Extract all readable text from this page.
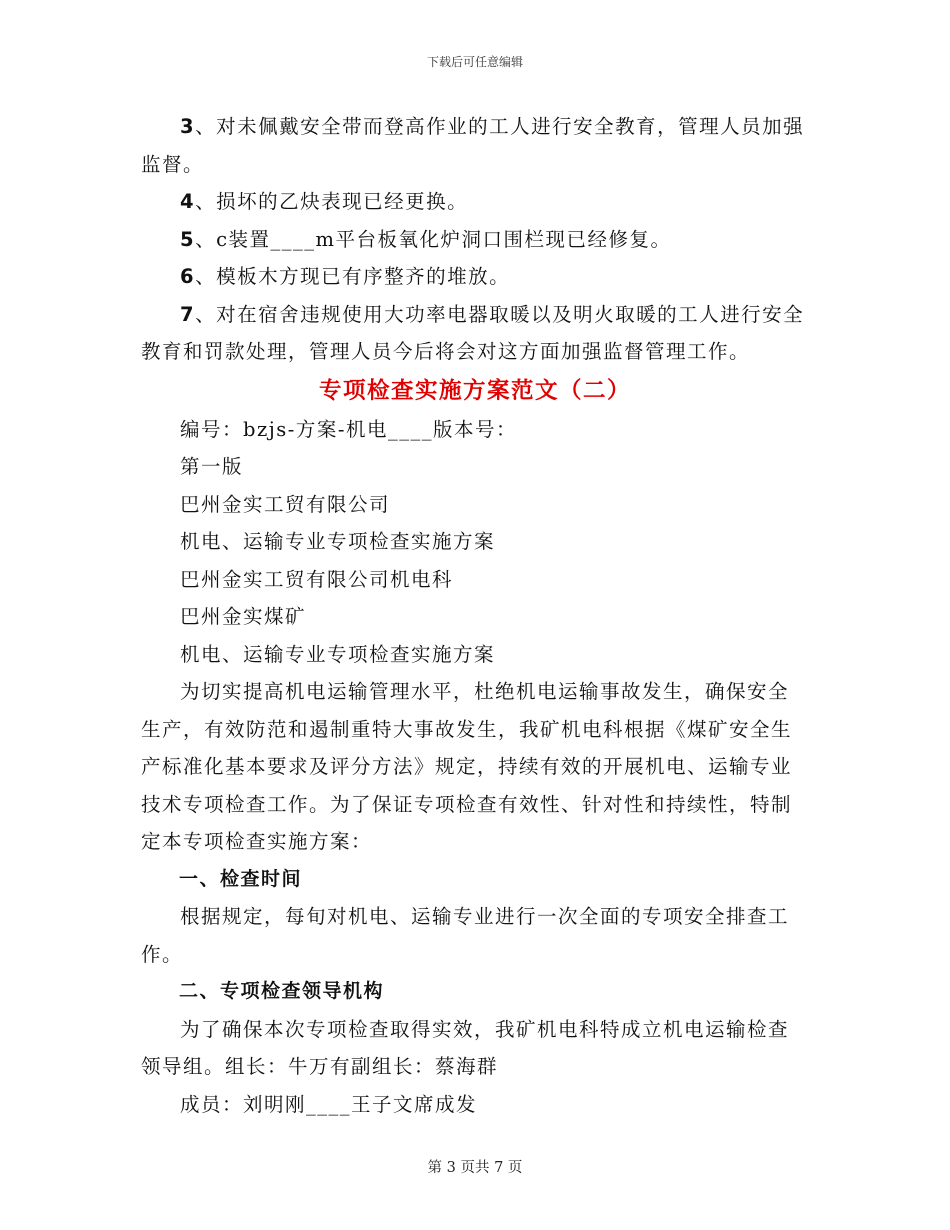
下载后可任意编辑

3、对未佩戴安全带而登高作业的工人进行安全教育，管理人员加强监督。

4、损坏的乙炔表现已经更换。

5、c装置____m平台板氧化炉洞口围栏现已经修复。

6、模板木方现已有序整齐的堆放。

7、对在宿舍违规使用大功率电器取暖以及明火取暖的工人进行安全教育和罚款处理，管理人员今后将会对这方面加强监督管理工作。

专项检查实施方案范文（二）

编号：bzjs-方案-机电____版本号：

第一版

巴州金实工贸有限公司

机电、运输专业专项检查实施方案

巴州金实工贸有限公司机电科

巴州金实煤矿

机电、运输专业专项检查实施方案

为切实提高机电运输管理水平，杜绝机电运输事故发生，确保安全生产，有效防范和遏制重特大事故发生，我矿机电科根据《煤矿安全生产标准化基本要求及评分方法》规定，持续有效的开展机电、运输专业技术专项检查工作。为了保证专项检查有效性、针对性和持续性，特制定本专项检查实施方案：

一、检查时间

根据规定，每旬对机电、运输专业进行一次全面的专项安全排查工作。

二、专项检查领导机构

为了确保本次专项检查取得实效，我矿机电科特成立机电运输检查领导组。组长：牛万有副组长：蔡海群

成员：刘明刚____王子文席成发

第 3 页共 7 页
